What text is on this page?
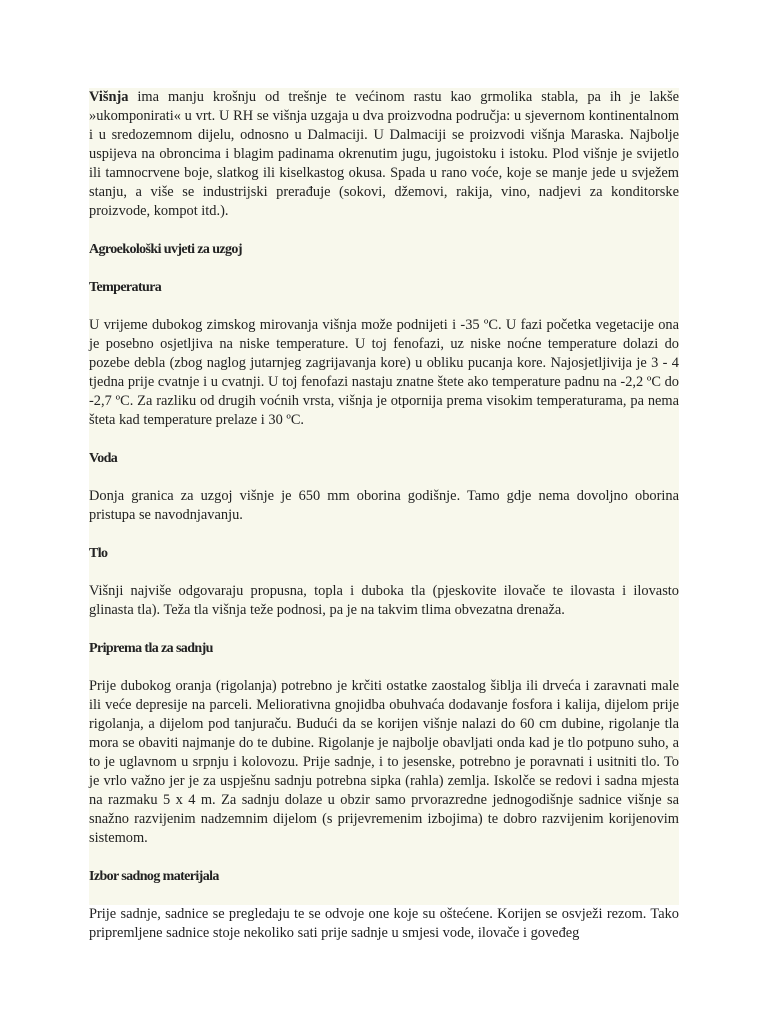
Višnja ima manju krošnju od trešnje te većinom rastu kao grmolika stabla, pa ih je lakše »ukomponirati« u vrt. U RH se višnja uzgaja u dva proizvodna područja: u sjevernom kontinentalnom i u sredozemnom dijelu, odnosno u Dalmaciji. U Dalmaciji se proizvodi višnja Maraska. Najbolje uspijeva na obroncima i blagim padinama okrenutim jugu, jugoistoku i istoku. Plod višnje je svijetlo ili tamnocrvene boje, slatkog ili kiselkastog okusa. Spada u rano voće, koje se manje jede u svježem stanju, a više se industrijski prerađuje (sokovi, džemovi, rakija, vino, nadjevi za konditorske proizvode, kompot itd.).

Agroekološki uvjeti za uzgoj

Temperatura

U vrijeme dubokog zimskog mirovanja višnja može podnijeti i -35 ºC. U fazi početka vegetacije ona je posebno osjetljiva na niske temperature. U toj fenofazi, uz niske noćne temperature dolazi do pozebe debla (zbog naglog jutarnjeg zagrijavanja kore) u obliku pucanja kore. Najosjetljivija je 3 - 4 tjedna prije cvatnje i u cvatnji. U toj fenofazi nastaju znatne štete ako temperature padnu na -2,2 ºC do -2,7 ºC. Za razliku od drugih voćnih vrsta, višnja je otpornija prema visokim temperaturama, pa nema šteta kad temperature prelaze i 30 ºC.

Voda

Donja granica za uzgoj višnje je 650 mm oborina godišnje. Tamo gdje nema dovoljno oborina pristupa se navodnjavanju.

Tlo

Višnji najviše odgovaraju propusna, topla i duboka tla (pjeskovite ilovače te ilovasta i ilovasto glinasta tla). Teža tla višnja teže podnosi, pa je na takvim tlima obvezatna drenaža.

Priprema tla za sadnju

Prije dubokog oranja (rigolanja) potrebno je krčiti ostatke zaostalog šiblja ili drveća i zaravnati male ili veće depresije na parceli. Meliorativna gnojidba obuhvaća dodavanje fosfora i kalija, dijelom prije rigolanja, a dijelom pod tanjuraču. Budući da se korijen višnje nalazi do 60 cm dubine, rigolanje tla mora se obaviti najmanje do te dubine. Rigolanje je najbolje obavljati onda kad je tlo potpuno suho, a to je uglavnom u srpnju i kolovozu. Prije sadnje, i to jesenske, potrebno je poravnati i usitniti tlo. To je vrlo važno jer je za uspješnu sadnju potrebna sipka (rahla) zemlja. Iskolčе se redovi i sadna mjesta na razmaku 5 x 4 m. Za sadnju dolaze u obzir samo prvorazredne jednogodišnje sadnice višnje sa snažno razvijenim nadzemnim dijelom (s prijevremenim izbojima) te dobro razvijenim korijenovim sistemom.

Izbor sadnog materijala

Prije sadnje, sadnice se pregledaju te se odvoje one koje su oštećene. Korijen se osvježi rezom. Tako pripremljene sadnice stoje nekoliko sati prije sadnje u smjesi vode, ilovače i govеđeg
